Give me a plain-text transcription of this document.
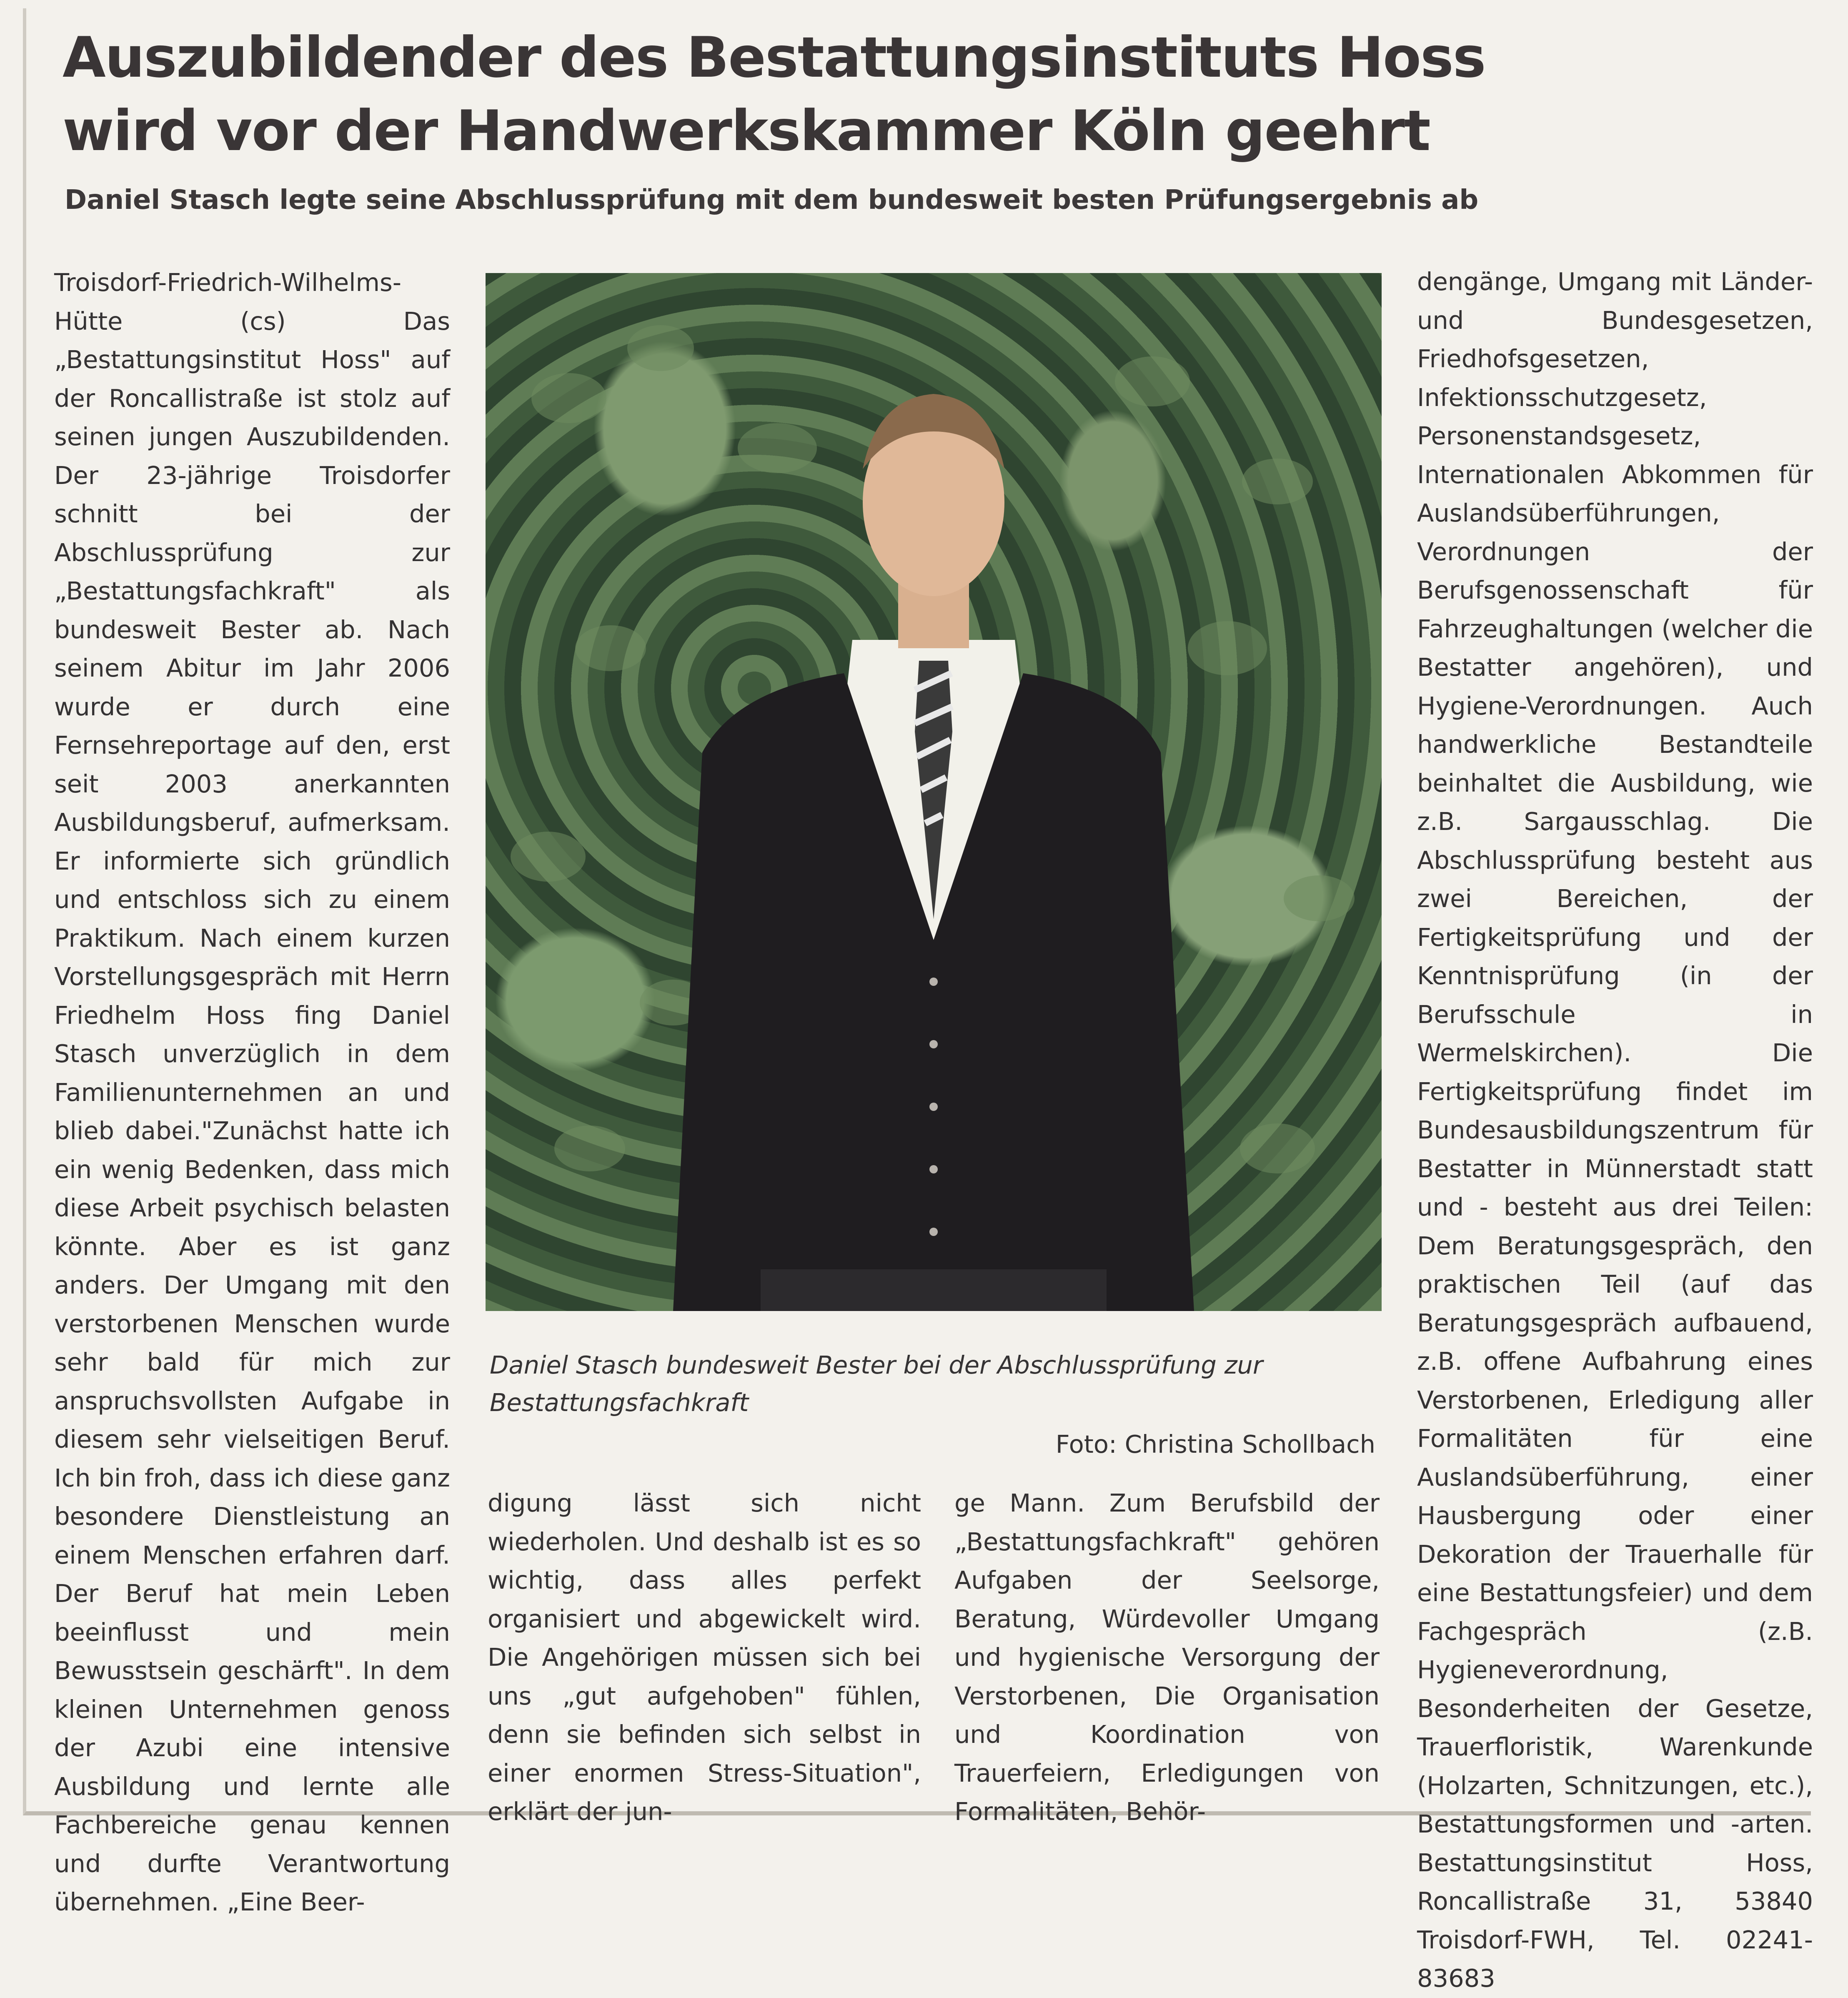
Auszubildender des Bestattungsinstituts Hoss wird vor der Handwerkskammer Köln geehrt
Daniel Stasch legte seine Abschlussprüfung mit dem bundesweit besten Prüfungsergebnis ab

Troisdorf-Friedrich-Wilhelms-Hütte (cs) Das „Bestattungsinstitut Hoss" auf der Roncallistraße ist stolz auf seinen jungen Auszubildenden. Der 23-jährige Troisdorfer schnitt bei der Abschlussprüfung zur „Bestattungsfachkraft" als bundesweit Bester ab. Nach seinem Abitur im Jahr 2006 wurde er durch eine Fernsehreportage auf den, erst seit 2003 anerkannten Ausbildungsberuf, aufmerksam. Er informierte sich gründlich und entschloss sich zu einem Praktikum. Nach einem kurzen Vorstellungsgespräch mit Herrn Friedhelm Hoss fing Daniel Stasch unverzüglich in dem Familienunternehmen an und blieb dabei."Zunächst hatte ich ein wenig Bedenken, dass mich diese Arbeit psychisch belasten könnte. Aber es ist ganz anders. Der Umgang mit den verstorbenen Menschen wurde sehr bald für mich zur anspruchsvollsten Aufgabe in diesem sehr vielseitigen Beruf. Ich bin froh, dass ich diese ganz besondere Dienstleistung an einem Menschen erfahren darf. Der Beruf hat mein Leben beeinflusst und mein Bewusstsein geschärft". In dem kleinen Unternehmen genoss der Azubi eine intensive Ausbildung und lernte alle Fachbereiche genau kennen und durfte Verantwortung übernehmen. „Eine Beer-

Daniel Stasch bundesweit Bester bei der Abschlussprüfung zur Bestattungsfachkraft

Foto: Christina Schollbach

digung lässt sich nicht wiederholen. Und deshalb ist es so wichtig, dass alles perfekt organisiert und abgewickelt wird. Die Angehörigen müssen sich bei uns „gut aufgehoben" fühlen, denn sie befinden sich selbst in einer enormen Stress-Situation", erklärt der jun-

ge Mann. Zum Berufsbild der „Bestattungsfachkraft" gehören Aufgaben der Seelsorge, Beratung, Würdevoller Umgang und hygienische Versorgung der Verstorbenen, Die Organisation und Koordination von Trauerfeiern, Erledigungen von Formalitäten, Behör-

dengänge, Umgang mit Länder- und Bundesgesetzen, Friedhofsgesetzen, Infektionsschutzgesetz, Personenstandsgesetz, Internationalen Abkommen für Auslandsüberführungen, Verordnungen der Berufsgenossenschaft für Fahrzeughaltungen (welcher die Bestatter angehören), und Hygiene-Verordnungen. Auch handwerkliche Bestandteile beinhaltet die Ausbildung, wie z.B. Sargausschlag. Die Abschlussprüfung besteht aus zwei Bereichen, der Fertigkeitsprüfung und der Kenntnisprüfung (in der Berufsschule in Wermelskirchen). Die Fertigkeitsprüfung findet im Bundesausbildungszentrum für Bestatter in Münnerstadt statt und - besteht aus drei Teilen: Dem Beratungsgespräch, den praktischen Teil (auf das Beratungsgespräch aufbauend, z.B. offene Aufbahrung eines Verstorbenen, Erledigung aller Formalitäten für eine Auslandsüberführung, einer Hausbergung oder einer Dekoration der Trauerhalle für eine Bestattungsfeier) und dem Fachgespräch (z.B. Hygieneverordnung, Besonderheiten der Gesetze, Trauerfloristik, Warenkunde (Holzarten, Schnitzungen, etc.), Bestattungsformen und -arten. Bestattungsinstitut Hoss, Roncallistraße 31, 53840 Troisdorf-FWH, Tel. 02241-83683
